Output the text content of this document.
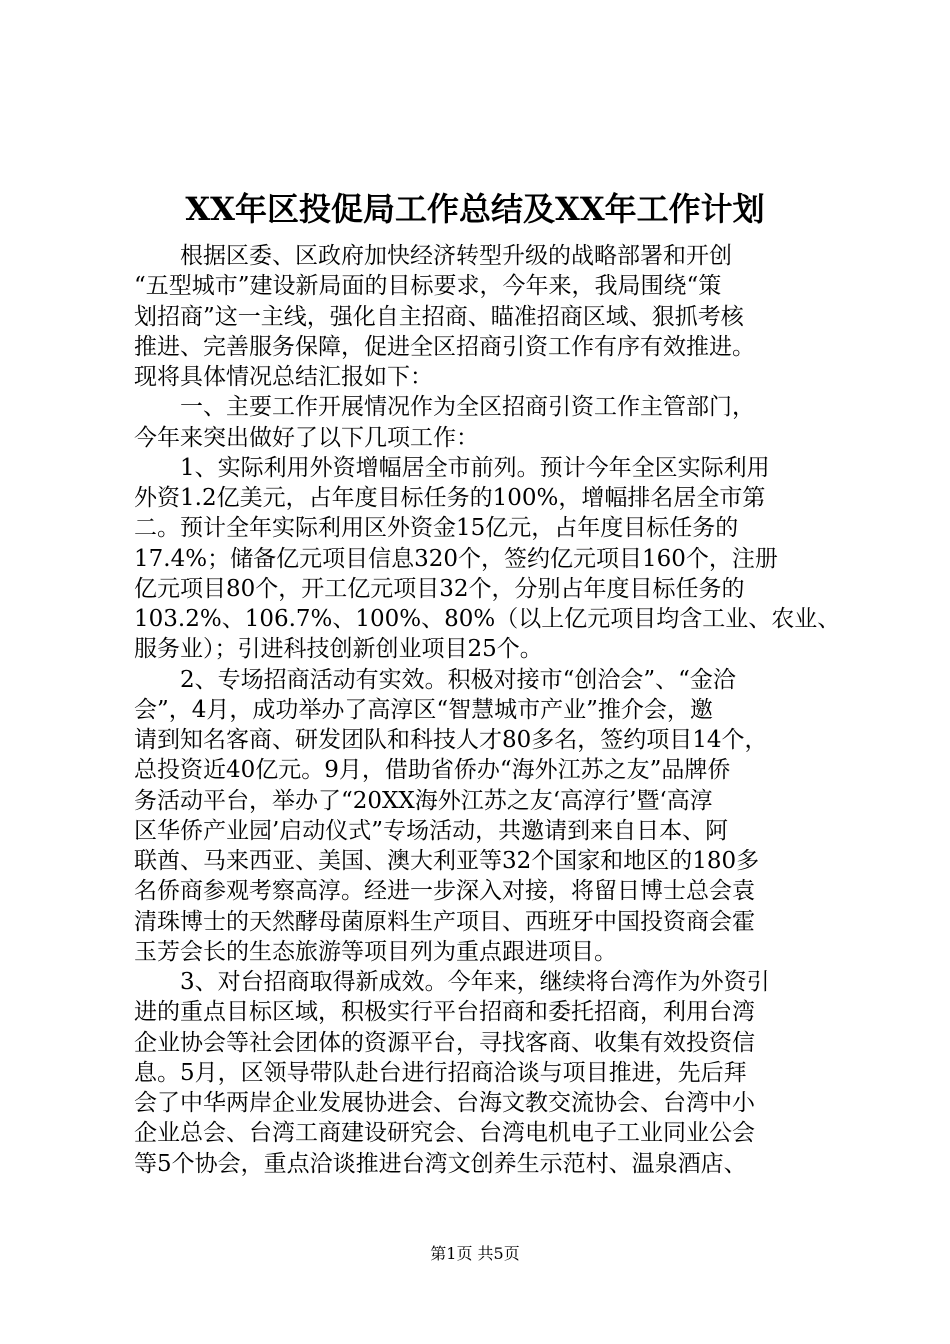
XX年区投促局工作总结及XX年工作计划
　　根据区委、区政府加快经济转型升级的战略部署和开创
“五型城市”建设新局面的目标要求，今年来，我局围绕“策
划招商”这一主线，强化自主招商、瞄准招商区域、狠抓考核
推进、完善服务保障，促进全区招商引资工作有序有效推进。
现将具体情况总结汇报如下：
　　一、主要工作开展情况作为全区招商引资工作主管部门，
今年来突出做好了以下几项工作：
　　1、实际利用外资增幅居全市前列。预计今年全区实际利用
外资1.2亿美元，占年度目标任务的100%，增幅排名居全市第
二。预计全年实际利用区外资金15亿元，占年度目标任务的
17.4%；储备亿元项目信息320个，签约亿元项目160个，注册
亿元项目80个，开工亿元项目32个，分别占年度目标任务的
103.2%、106.7%、100%、80%（以上亿元项目均含工业、农业、
服务业）；引进科技创新创业项目25个。
　　2、专场招商活动有实效。积极对接市“创洽会”、“金洽
会”，4月，成功举办了高淳区“智慧城市产业”推介会，邀
请到知名客商、研发团队和科技人才80多名，签约项目14个，
总投资近40亿元。9月，借助省侨办“海外江苏之友”品牌侨
务活动平台，举办了“20XX海外江苏之友‘高淳行’暨‘高淳
区华侨产业园’启动仪式”专场活动，共邀请到来自日本、阿
联酋、马来西亚、美国、澳大利亚等32个国家和地区的180多
名侨商参观考察高淳。经进一步深入对接，将留日博士总会袁
清珠博士的天然酵母菌原料生产项目、西班牙中国投资商会霍
玉芳会长的生态旅游等项目列为重点跟进项目。
　　3、对台招商取得新成效。今年来，继续将台湾作为外资引
进的重点目标区域，积极实行平台招商和委托招商，利用台湾
企业协会等社会团体的资源平台，寻找客商、收集有效投资信
息。5月，区领导带队赴台进行招商洽谈与项目推进，先后拜
会了中华两岸企业发展协进会、台海文教交流协会、台湾中小
企业总会、台湾工商建设研究会、台湾电机电子工业同业公会
等5个协会，重点洽谈推进台湾文创养生示范村、温泉酒店、
第1页 共5页
